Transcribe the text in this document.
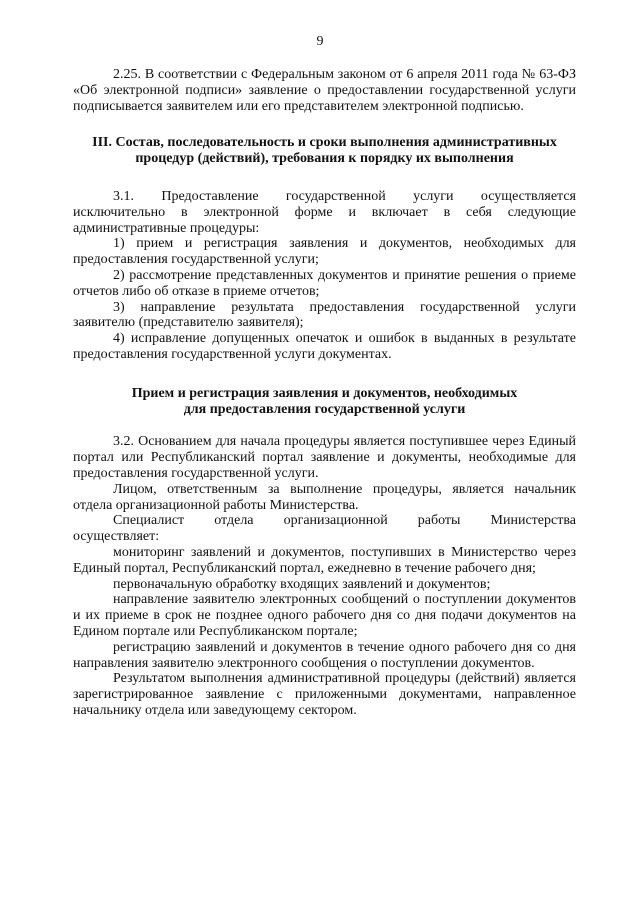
9

2.25. В соответствии с Федеральным законом от 6 апреля 2011 года № 63-ФЗ «Об электронной подписи» заявление о предоставлении государственной услуги подписывается заявителем или его представителем электронной подписью.

III. Состав, последовательность и сроки выполнения административных

процедур (действий), требования к порядку их выполнения

3.1. Предоставление государственной услуги осуществляется исключительно в электронной форме и включает в себя следующие административные процедуры:

1) прием и регистрация заявления и документов, необходимых для предоставления государственной услуги;

2) рассмотрение представленных документов и принятие решения о приеме отчетов либо об отказе в приеме отчетов;

3) направление результата предоставления государственной услуги заявителю (представителю заявителя);

4) исправление допущенных опечаток и ошибок в выданных в результате предоставления государственной услуги документах.

Прием и регистрация заявления и документов, необходимых

для предоставления государственной услуги

3.2. Основанием для начала процедуры является поступившее через Единый портал или Республиканский портал заявление и документы, необходимые для предоставления государственной услуги.

Лицом, ответственным за выполнение процедуры, является начальник отдела организационной работы Министерства.

Специалист отдела организационной работы Министерства

осуществляет:

мониторинг заявлений и документов, поступивших в Министерство через Единый портал, Республиканский портал, ежедневно в течение рабочего дня;

первоначальную обработку входящих заявлений и документов;

направление заявителю электронных сообщений о поступлении документов и их приеме в срок не позднее одного рабочего дня со дня подачи документов на Едином портале или Республиканском портале;

регистрацию заявлений и документов в течение одного рабочего дня со дня направления заявителю электронного сообщения о поступлении документов.

Результатом выполнения административной процедуры (действий) является зарегистрированное заявление с приложенными документами, направленное начальнику отдела или заведующему сектором.
